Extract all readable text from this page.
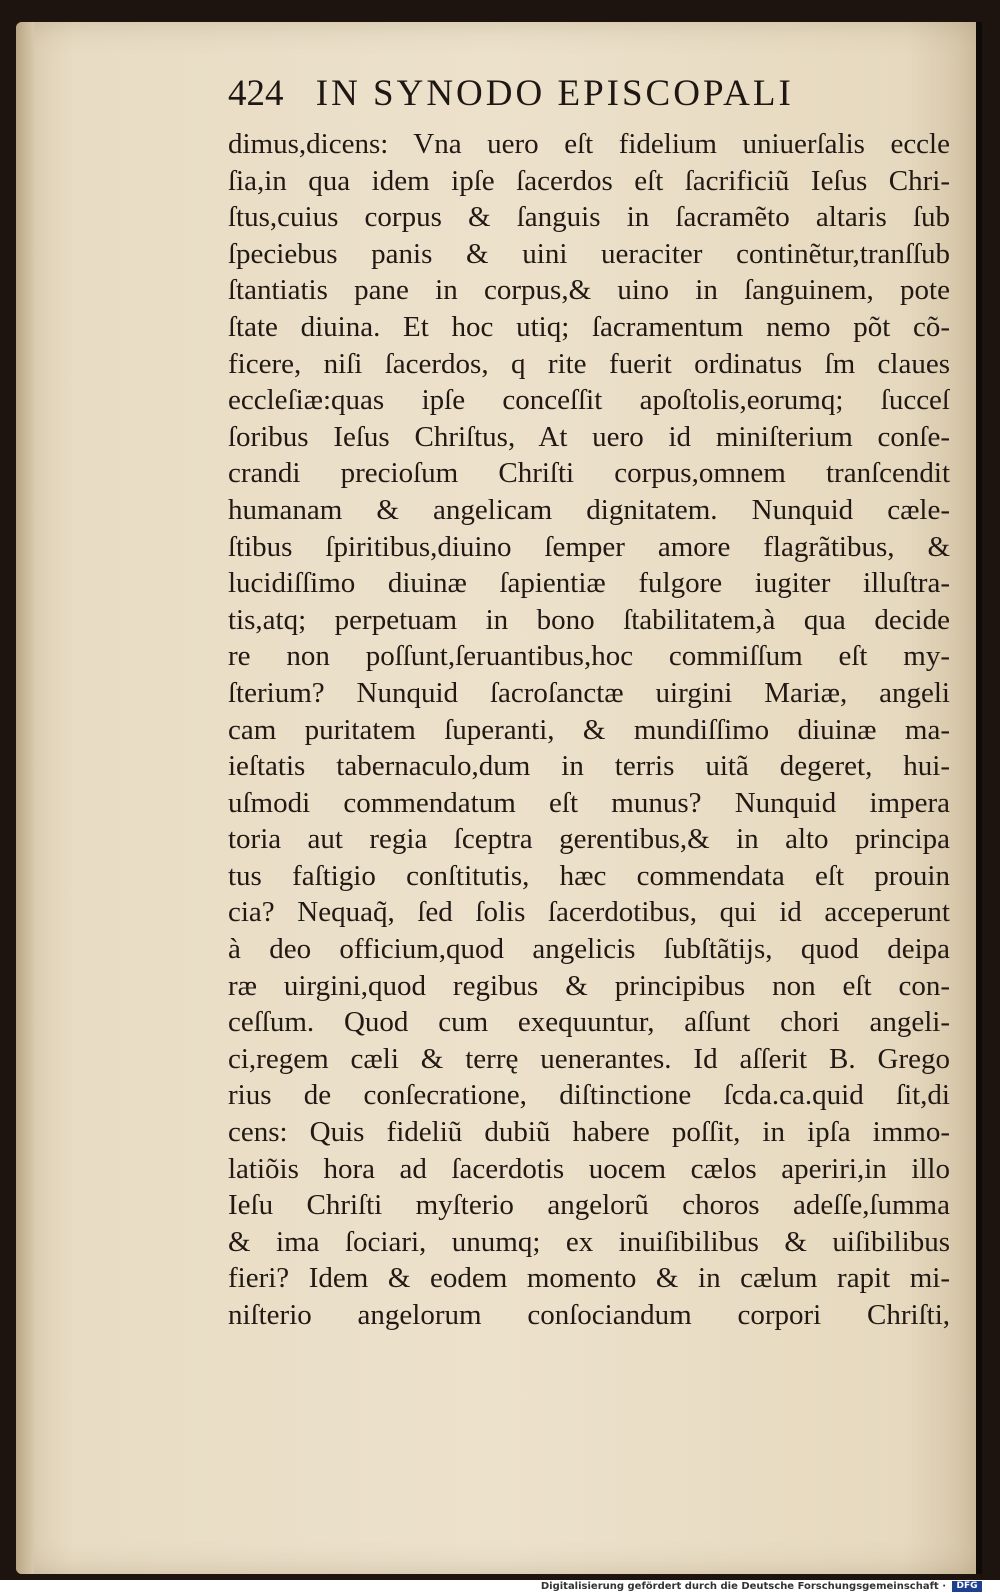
424 IN SYNODO EPISCOPALI
dimus,dicens: Vna uero eſt fidelium uniuerſalis eccle
ſia,in qua idem ipſe ſacerdos eſt ſacrificiũ Ieſus Chri-
ſtus,cuius corpus & ſanguis in ſacramẽto altaris ſub
ſpeciebus panis & uini ueraciter continẽtur,tranſſub
ſtantiatis pane in corpus,& uino in ſanguinem, pote
ſtate diuina. Et hoc utiq; ſacramentum nemo põt cõ-
ficere, niſi ſacerdos, q rite fuerit ordinatus ſm claues
eccleſiæ:quas ipſe conceſſit apoſtolis,eorumq; ſucceſ
ſoribus Ieſus Chriſtus, At uero id miniſterium conſe-
crandi precioſum Chriſti corpus,omnem tranſcendit
humanam & angelicam dignitatem. Nunquid cæle-
ſtibus ſpiritibus,diuino ſemper amore flagrãtibus, &
lucidiſſimo diuinæ ſapientiæ fulgore iugiter illuſtra-
tis,atq; perpetuam in bono ſtabilitatem,à qua decide
re non poſſunt,ſeruantibus,hoc commiſſum eſt my-
ſterium? Nunquid ſacroſanctæ uirgini Mariæ, angeli
cam puritatem ſuperanti, & mundiſſimo diuinæ ma-
ieſtatis tabernaculo,dum in terris uitã degeret, hui-
uſmodi commendatum eſt munus? Nunquid impera
toria aut regia ſceptra gerentibus,& in alto principa
tus faſtigio conſtitutis, hæc commendata eſt prouin
cia? Nequaq̃, ſed ſolis ſacerdotibus, qui id acceperunt
à deo officium,quod angelicis ſubſtãtijs, quod deipa
ræ uirgini,quod regibus & principibus non eſt con-
ceſſum. Quod cum exequuntur, aſſunt chori angeli-
ci,regem cæli & terrę uenerantes. Id aſſerit B. Grego
rius de conſecratione, diſtinctione ſcda.ca.quid ſit,di
cens: Quis fideliũ dubiũ habere poſſit, in ipſa immo-
latiõis hora ad ſacerdotis uocem cælos aperiri,in illo
Ieſu Chriſti myſterio angelorũ choros adeſſe,ſumma
& ima ſociari, unumq; ex inuiſibilibus & uiſibilibus
fieri? Idem & eodem momento & in cælum rapit mi-
niſterio angelorum conſociandum corpori Chriſti,
Digitalisierung gefördert durch die Deutsche Forschungsgemeinschaft ·	DFG
